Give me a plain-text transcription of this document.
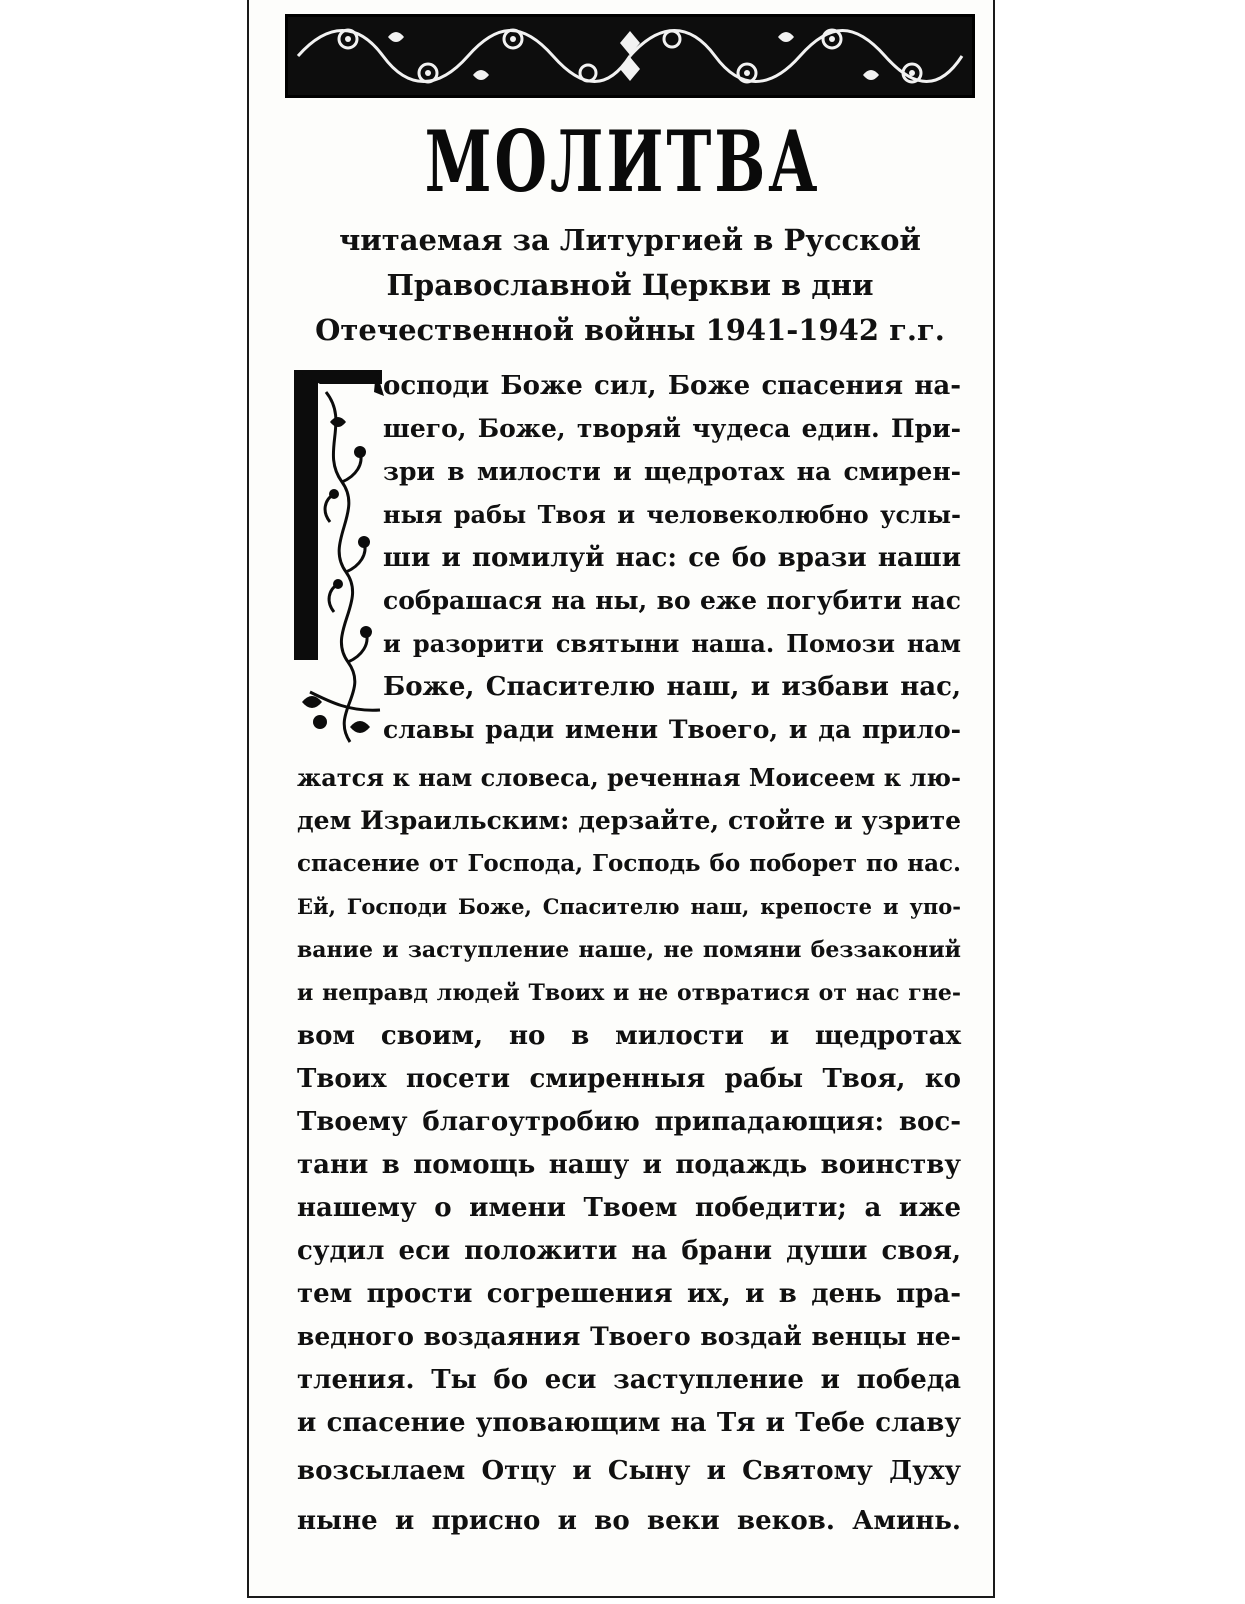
МОЛИТВА

читаемая за Литургией в Русской Православной Церкви в дни Отечественной войны 1941-1942 г.г.

осподи Боже сил, Боже спасения на-

шего, Боже, творяй чудеса един. При-

зри в милости и щедротах на смирен-

ныя рабы Твоя и человеколюбно услы-

ши и помилуй нас: се бо врази наши

собрашася на ны, во еже погубити нас

и разорити святыни наша. Помози нам

Боже, Спасителю наш, и избави нас,

славы ради имени Твоего, и да прило-

жатся к нам словеса, реченная Моисеем к лю-

дем Израильским: дерзайте, стойте и узрите

спасение от Господа, Господь бо поборет по нас.

Ей, Господи Боже, Спасителю наш, крепосте и упо-

вание и заступление наше, не помяни беззаконий

и неправд людей Твоих и не отвратися от нас гне-

вом своим, но в милости и щедротах

Твоих посети смиренныя рабы Твоя, ко

Твоему благоутробию припадающия: вос-

тани в помощь нашу и подаждь воинству

нашему о имени Твоем победити; а иже

судил еси положити на брани души своя,

тем прости согрешения их, и в день пра-

ведного воздаяния Твоего воздай венцы не-

тления. Ты бо еси заступление и победа

и спасение уповающим на Тя и Тебе славу

возсылаем Отцу и Сыну и Святому Духу

ныне и присно и во веки веков. Аминь.
